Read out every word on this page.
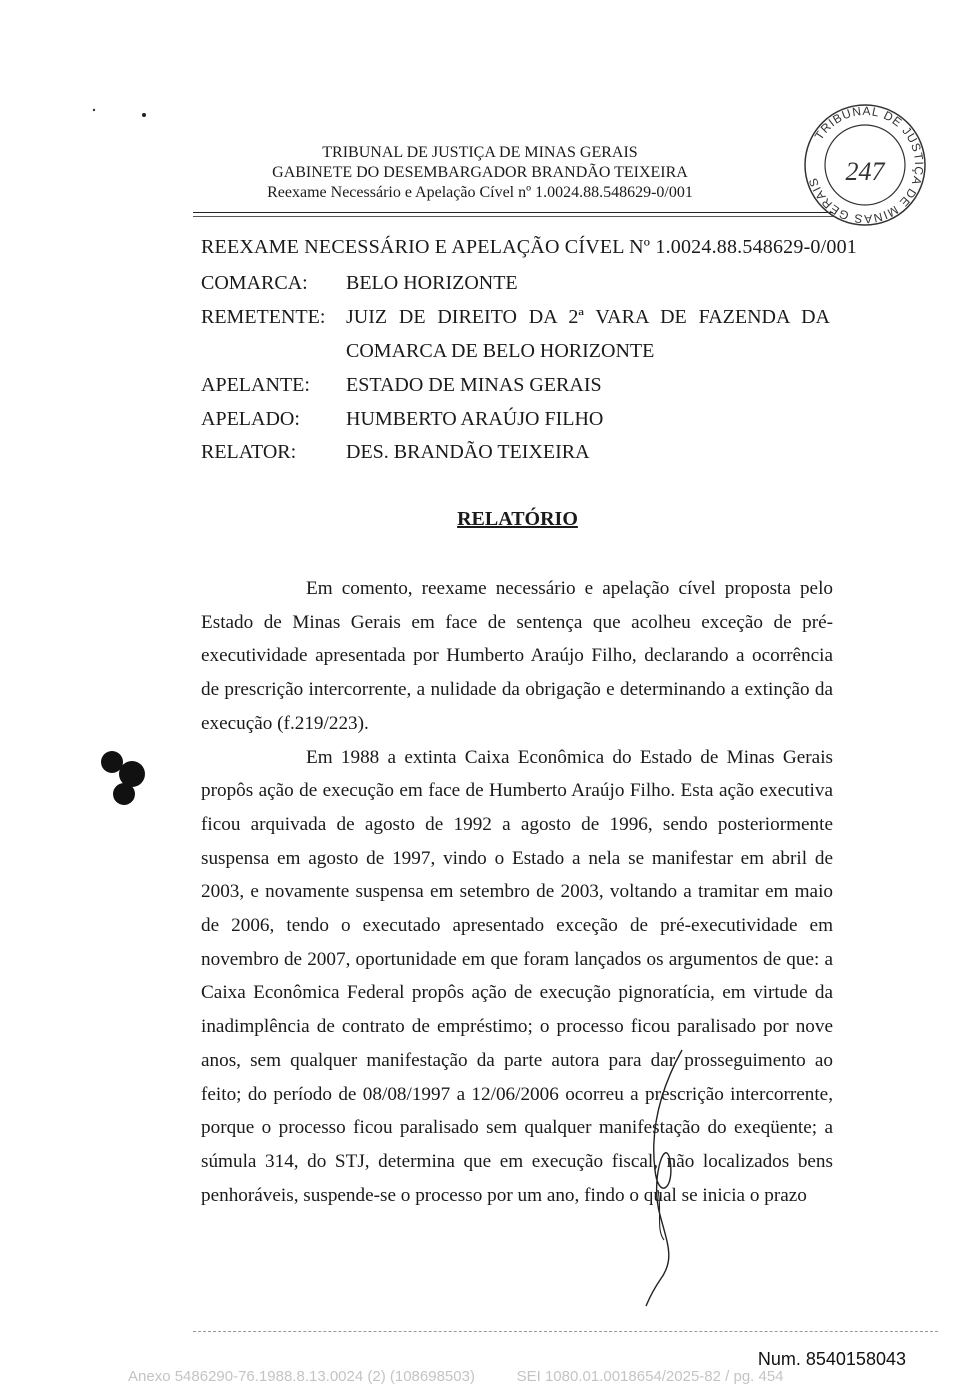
TRIBUNAL DE JUSTIÇA DE MINAS GERAIS
GABINETE DO DESEMBARGADOR BRANDÃO TEIXEIRA
Reexame Necessário e Apelação Cível nº 1.0024.88.548629-0/001
TRIBUNAL DE JUSTIÇA DE MINAS GERAIS 247
REEXAME NECESSÁRIO E APELAÇÃO CÍVEL Nº 1.0024.88.548629-0/001
COMARCA: BELO HORIZONTE
REMETENTE: JUIZ DE DIREITO DA 2ª VARA DE FAZENDA DA
COMARCA DE BELO HORIZONTE
APELANTE: ESTADO DE MINAS GERAIS
APELADO: HUMBERTO ARAÚJO FILHO
RELATOR: DES. BRANDÃO TEIXEIRA
RELATÓRIO

Em comento, reexame necessário e apelação cível proposta pelo Estado de Minas Gerais em face de sentença que acolheu exceção de pré-executividade apresentada por Humberto Araújo Filho, declarando a ocorrência de prescrição intercorrente, a nulidade da obrigação e determinando a extinção da execução (f.219/223).

Em 1988 a extinta Caixa Econômica do Estado de Minas Gerais propôs ação de execução em face de Humberto Araújo Filho. Esta ação executiva ficou arquivada de agosto de 1992 a agosto de 1996, sendo posteriormente suspensa em agosto de 1997, vindo o Estado a nela se manifestar em abril de 2003, e novamente suspensa em setembro de 2003, voltando a tramitar em maio de 2006, tendo o executado apresentado exceção de pré-executividade em novembro de 2007, oportunidade em que foram lançados os argumentos de que: a Caixa Econômica Federal propôs ação de execução pignoratícia, em virtude da inadimplência de contrato de empréstimo; o processo ficou paralisado por nove anos, sem qualquer manifestação da parte autora para dar prosseguimento ao feito; do período de 08/08/1997 a 12/06/2006 ocorreu a prescrição intercorrente, porque o processo ficou paralisado sem qualquer manifestação do exeqüente; a súmula 314, do STJ, determina que em execução fiscal, não localizados bens penhoráveis, suspende-se o processo por um ano, findo o qual se inicia o prazo

Num. 8540158043
Anexo 5486290-76.1988.8.13.0024 (2) (108698503)          SEI 1080.01.0018654/2025-82 / pg. 454
